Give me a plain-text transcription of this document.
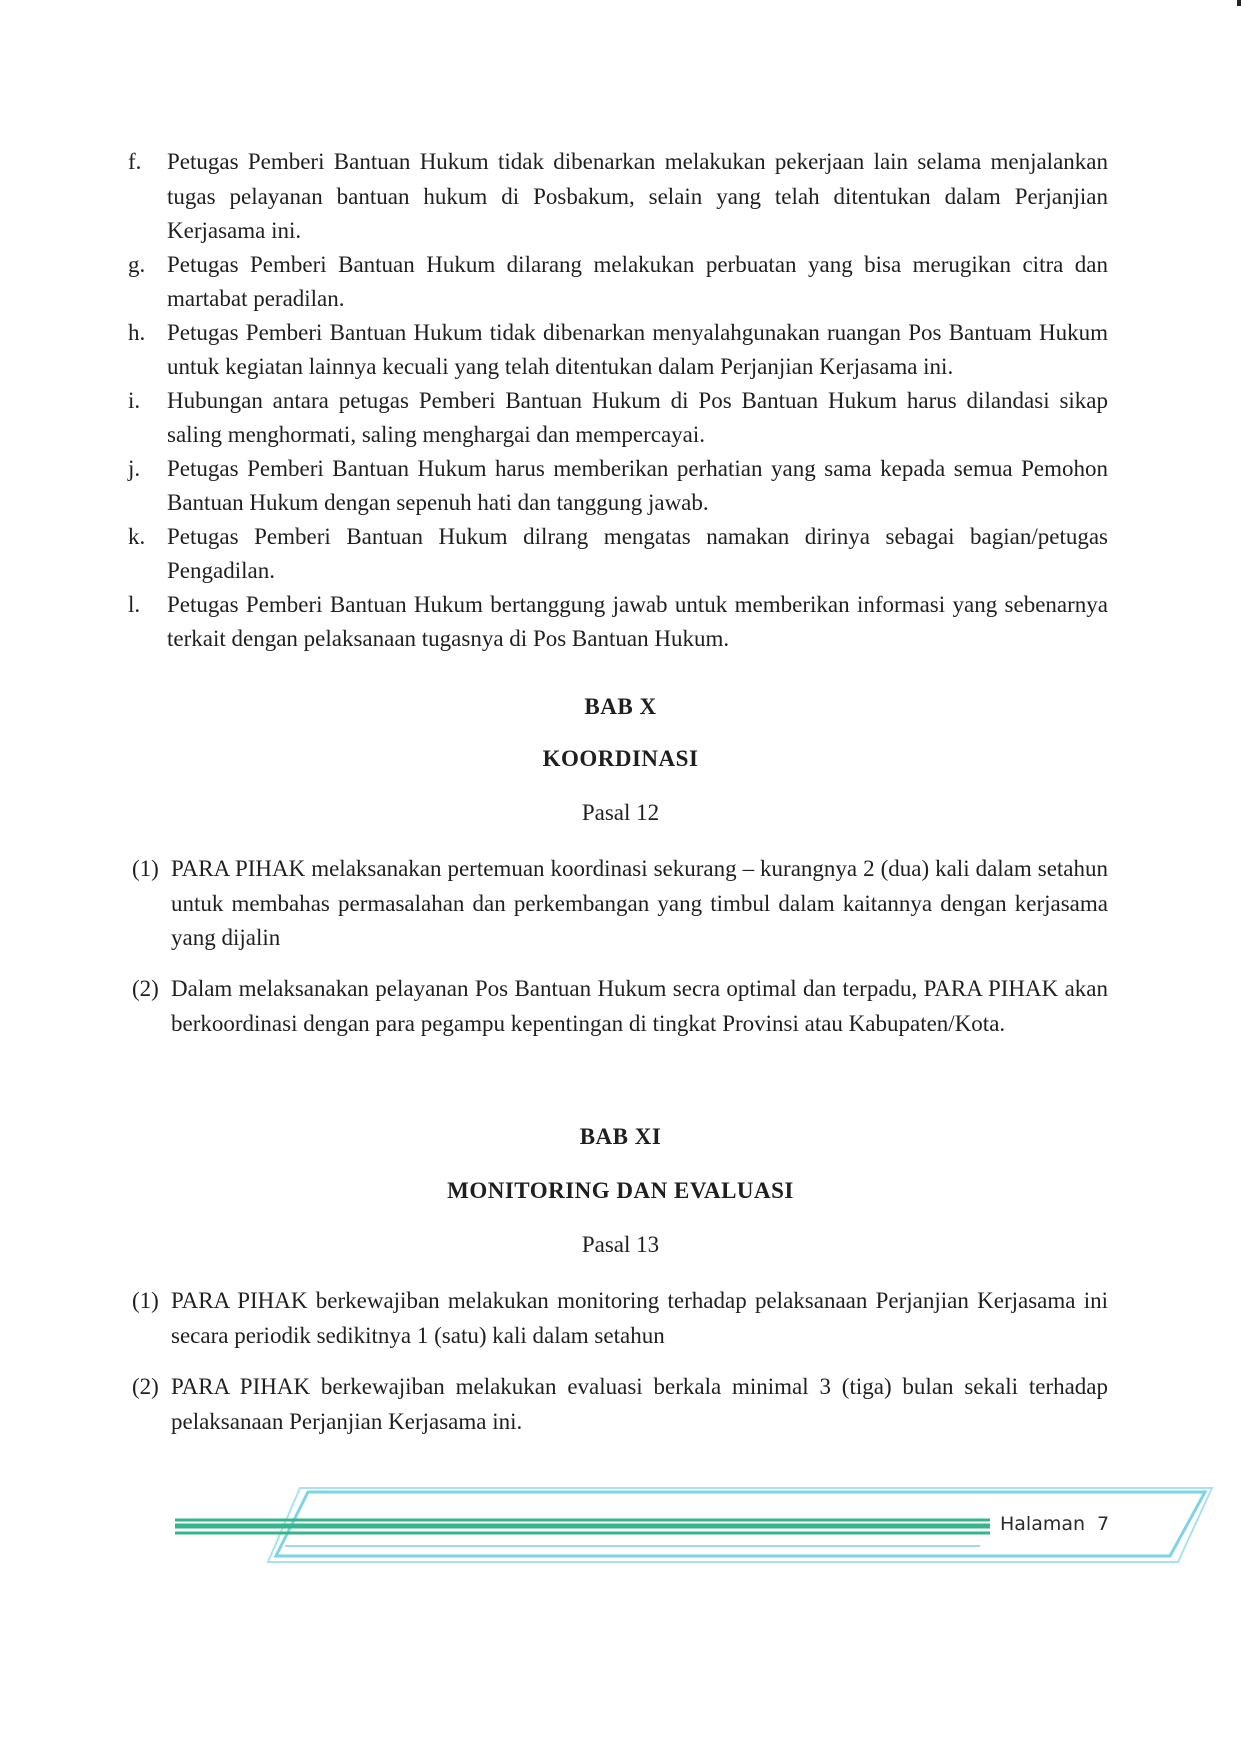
f. Petugas Pemberi Bantuan Hukum tidak dibenarkan melakukan pekerjaan lain selama menjalankan tugas pelayanan bantuan hukum di Posbakum, selain yang telah ditentukan dalam Perjanjian Kerjasama ini.
g. Petugas Pemberi Bantuan Hukum dilarang melakukan perbuatan yang bisa merugikan citra dan martabat peradilan.
h. Petugas Pemberi Bantuan Hukum tidak dibenarkan menyalahgunakan ruangan Pos Bantuam Hukum untuk kegiatan lainnya kecuali yang telah ditentukan dalam Perjanjian Kerjasama ini.
i. Hubungan antara petugas Pemberi Bantuan Hukum di Pos Bantuan Hukum harus dilandasi sikap saling menghormati, saling menghargai dan mempercayai.
j. Petugas Pemberi Bantuan Hukum harus memberikan perhatian yang sama kepada semua Pemohon Bantuan Hukum dengan sepenuh hati dan tanggung jawab.
k. Petugas Pemberi Bantuan Hukum dilrang mengatas namakan dirinya sebagai bagian/petugas Pengadilan.
l. Petugas Pemberi Bantuan Hukum bertanggung jawab untuk memberikan informasi yang sebenarnya terkait dengan pelaksanaan tugasnya di Pos Bantuan Hukum.
BAB X
KOORDINASI
Pasal 12
(1) PARA PIHAK melaksanakan pertemuan koordinasi sekurang – kurangnya 2 (dua) kali dalam setahun untuk membahas permasalahan dan perkembangan yang timbul dalam kaitannya dengan kerjasama yang dijalin
(2) Dalam melaksanakan pelayanan Pos Bantuan Hukum secra optimal dan terpadu, PARA PIHAK akan berkoordinasi dengan para pegampu kepentingan di tingkat Provinsi atau Kabupaten/Kota.
BAB XI
MONITORING DAN EVALUASI
Pasal 13
(1) PARA PIHAK berkewajiban melakukan monitoring terhadap pelaksanaan Perjanjian Kerjasama ini secara periodik sedikitnya 1 (satu) kali dalam setahun
(2) PARA PIHAK berkewajiban melakukan evaluasi berkala minimal 3 (tiga) bulan sekali terhadap pelaksanaan Perjanjian Kerjasama ini.
Halaman 7
